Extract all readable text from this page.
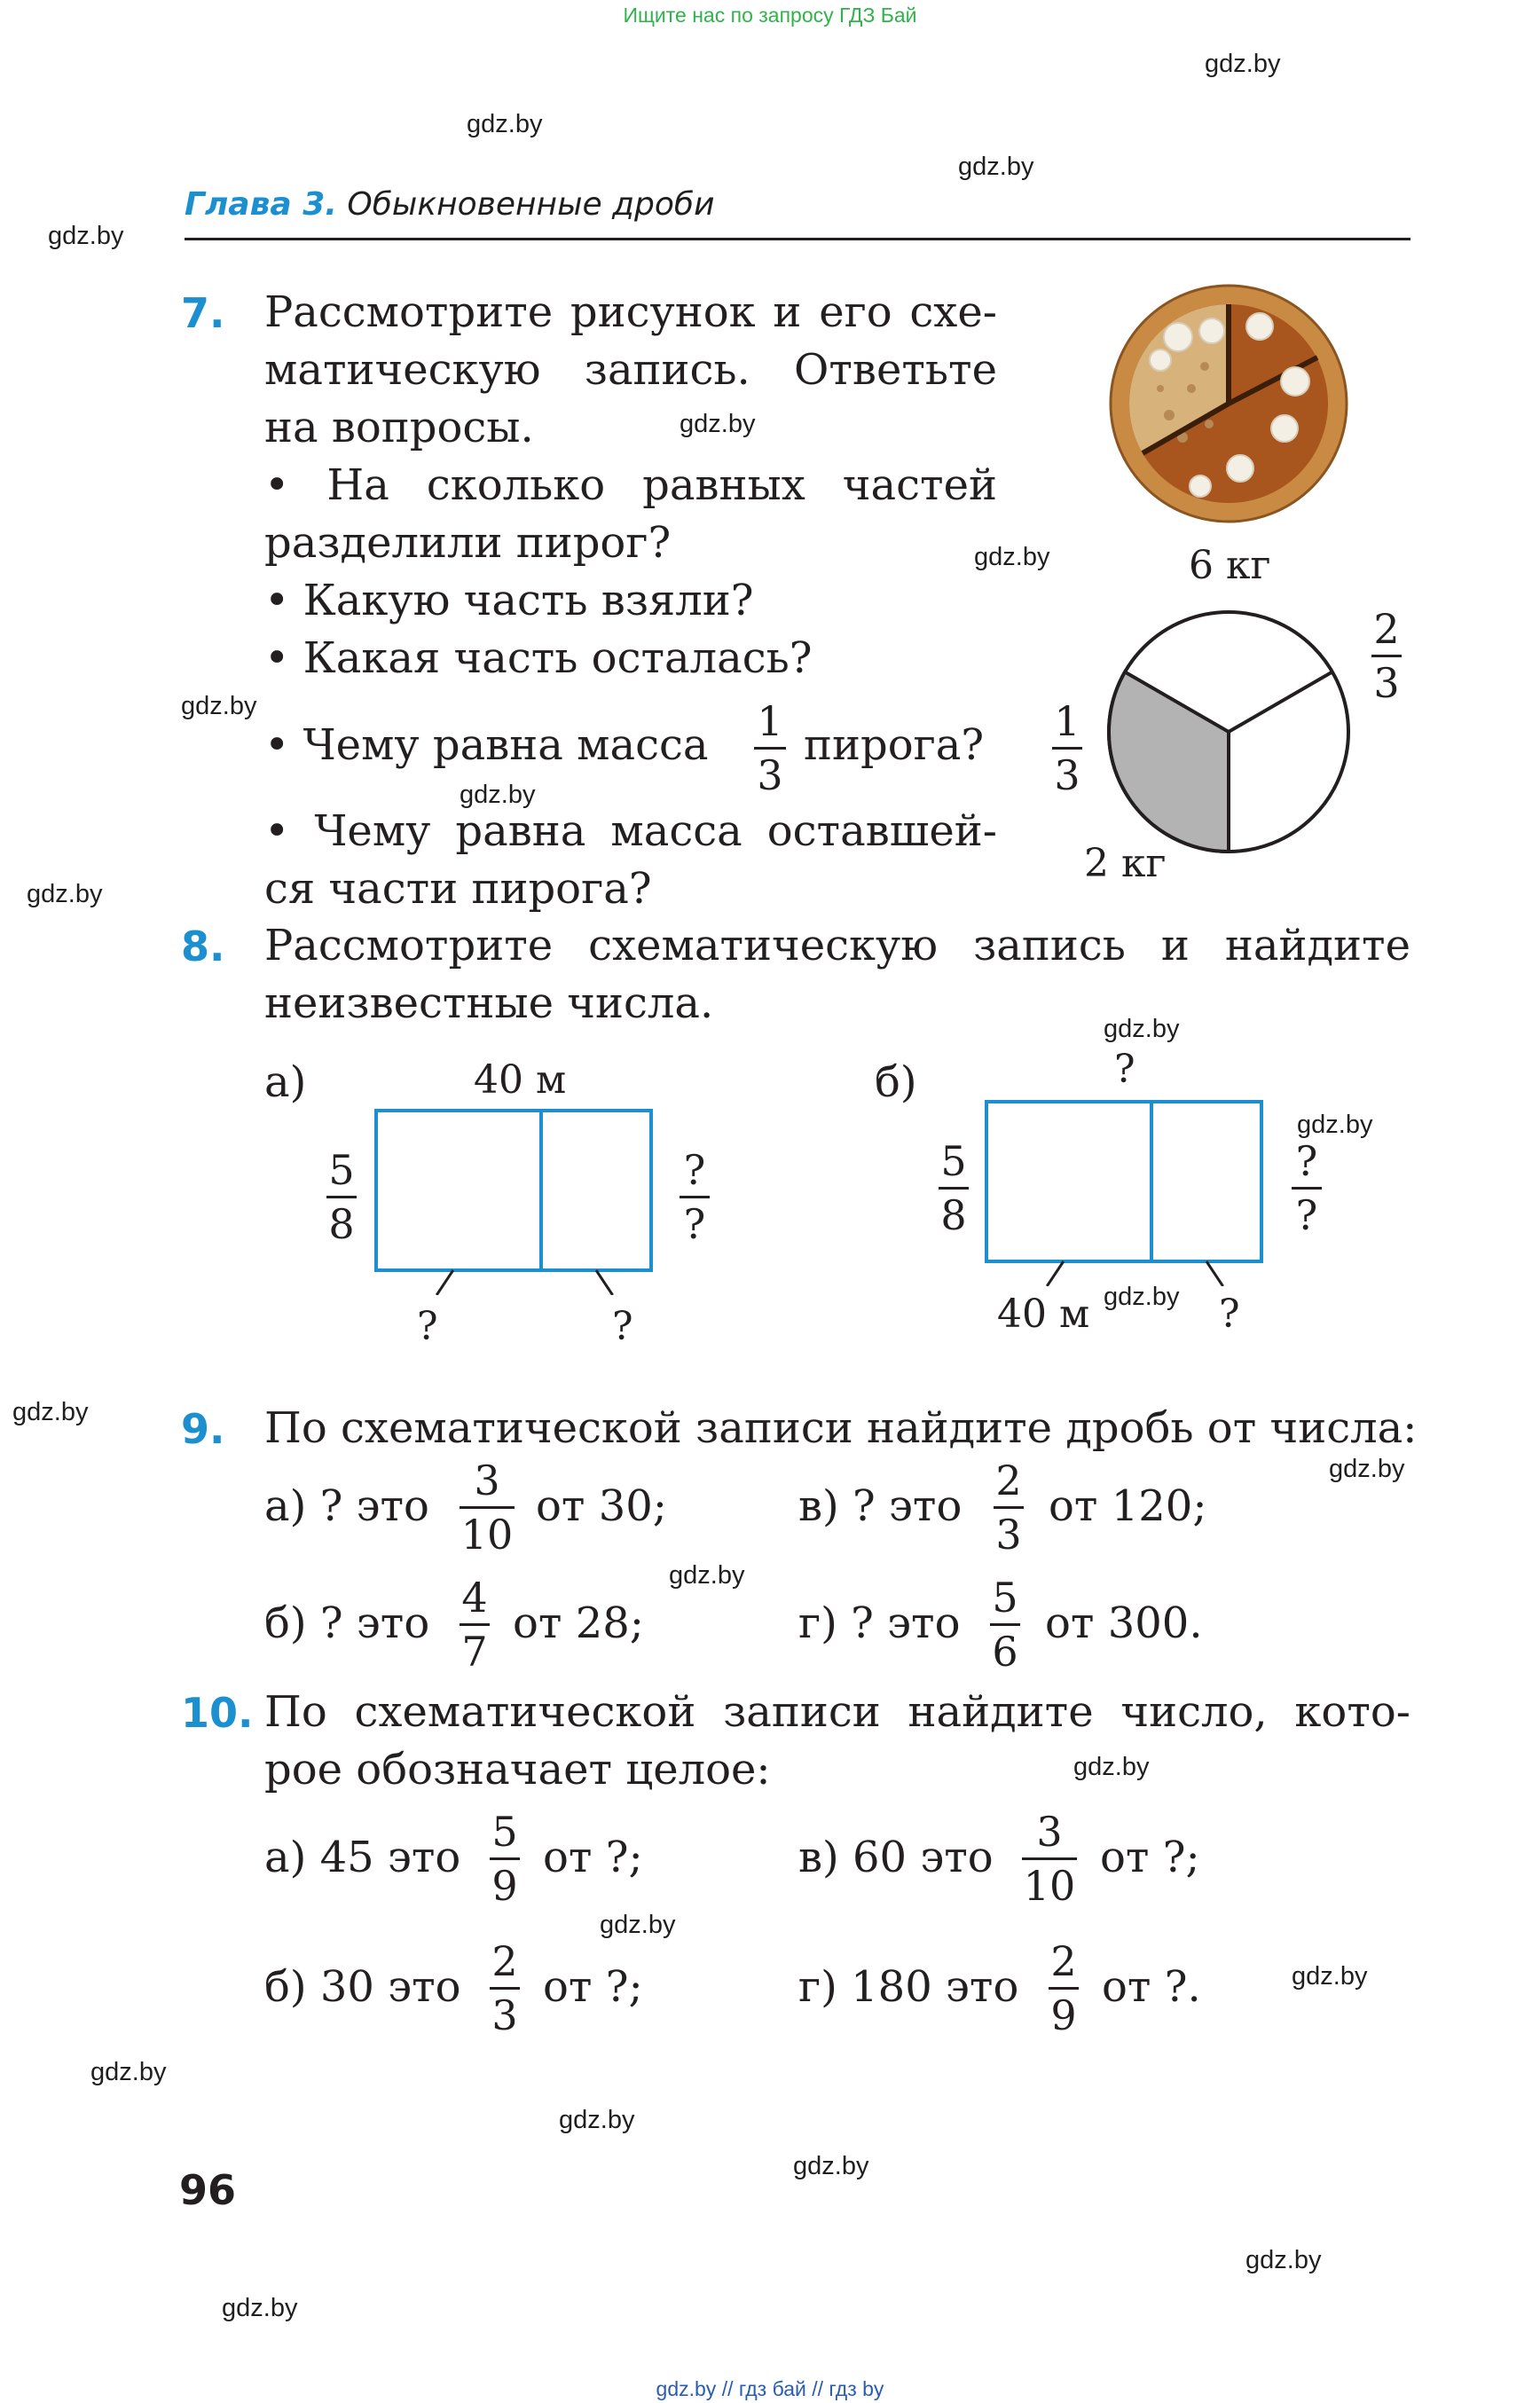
Ищите нас по запросу ГДЗ Бай
gdz.by
gdz.by
gdz.by
gdz.by
gdz.by
gdz.by
gdz.by
gdz.by
gdz.by
gdz.by
gdz.by
gdz.by
gdz.by
gdz.by
gdz.by
gdz.by
gdz.by
gdz.by
gdz.by
gdz.by
gdz.by
gdz.by
gdz.by
Глава 3. Обыкновенные дроби
7. Рассмотрите рисунок и его схе-
матическую запись. Ответьте
на вопросы.
• На сколько равных частей
разделили пирог?
• Какую часть взяли?
• Какая часть осталась?
• Чему равна масса 1
3
пирога?
• Чему равна масса оставшей-
ся части пирога?
6 кг
2 кг
1
3
2
3
8. Рассмотрите схематическую запись и найдите
неизвестные числа.
а)	40 м
5
8
?
?
?	?
б)	?
5
8
?
?
40 м	?
9. По схематической записи найдите дробь от числа:
а) ? это
3
10
от 30;	в) ? это
2
3
от 120;
б) ? это
4
7
от 28;	г) ? это
5
6
от 300.
10. По схематической записи найдите число, кото-
рое обозначает целое:
а) 45 это
5
9
от ?;	в) 60 это
3
10
от ?;
б) 30 это
2
3
от ?;	г) 180 это
2
9
от ?.
96
gdz.by // гдз бай // гдз by
